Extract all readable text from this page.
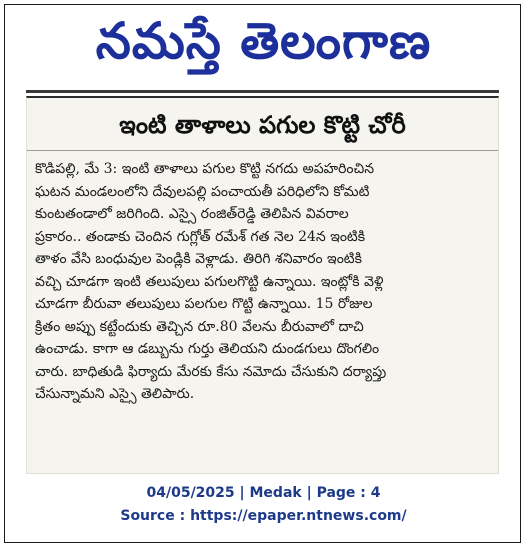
నమస్తే తెలంగాణ
ఇంటి తాళాలు పగుల కొట్టి చోరీ
కొడిపల్లి, మే 3: ఇంటి తాళాలు పగుల కొట్టి నగదు అపహరించిన
ఘటన మండలంలోని దేవులపల్లి పంచాయతీ పరిధిలోని కోమటి
కుంటతండాలో జరిగింది. ఎస్సై రంజిత్‌రెడ్డి తెలిపిన వివరాల
ప్రకారం.. తండాకు చెందిన గుగ్లోత్ రమేశ్ గత నెల 24న ఇంటికి
తాళం వేసి బంధువుల పెండ్లికి వెళ్లాడు. తిరిగి శనివారం ఇంటికి
వచ్చి చూడగా ఇంటి తలుపులు పగులగొట్టి ఉన్నాయి. ఇంట్లోకి వెళ్లి
చూడగా బీరువా తలుపులు పలగుల గొట్టి ఉన్నాయి. 15 రోజుల
క్రితం అప్పు కట్టేందుకు తెచ్చిన రూ.80 వేలను బీరువాలో దాచి
ఉంచాడు. కాగా ఆ డబ్బును గుర్తు తెలియని దుండగులు దొంగలిం
చారు. బాధితుడి ఫిర్యాదు మేరకు కేసు నమోదు చేసుకుని దర్యాప్తు
చేసున్నామని ఎస్సై తెలిపారు.
04/05/2025 | Medak | Page : 4
Source : https://epaper.ntnews.com/
